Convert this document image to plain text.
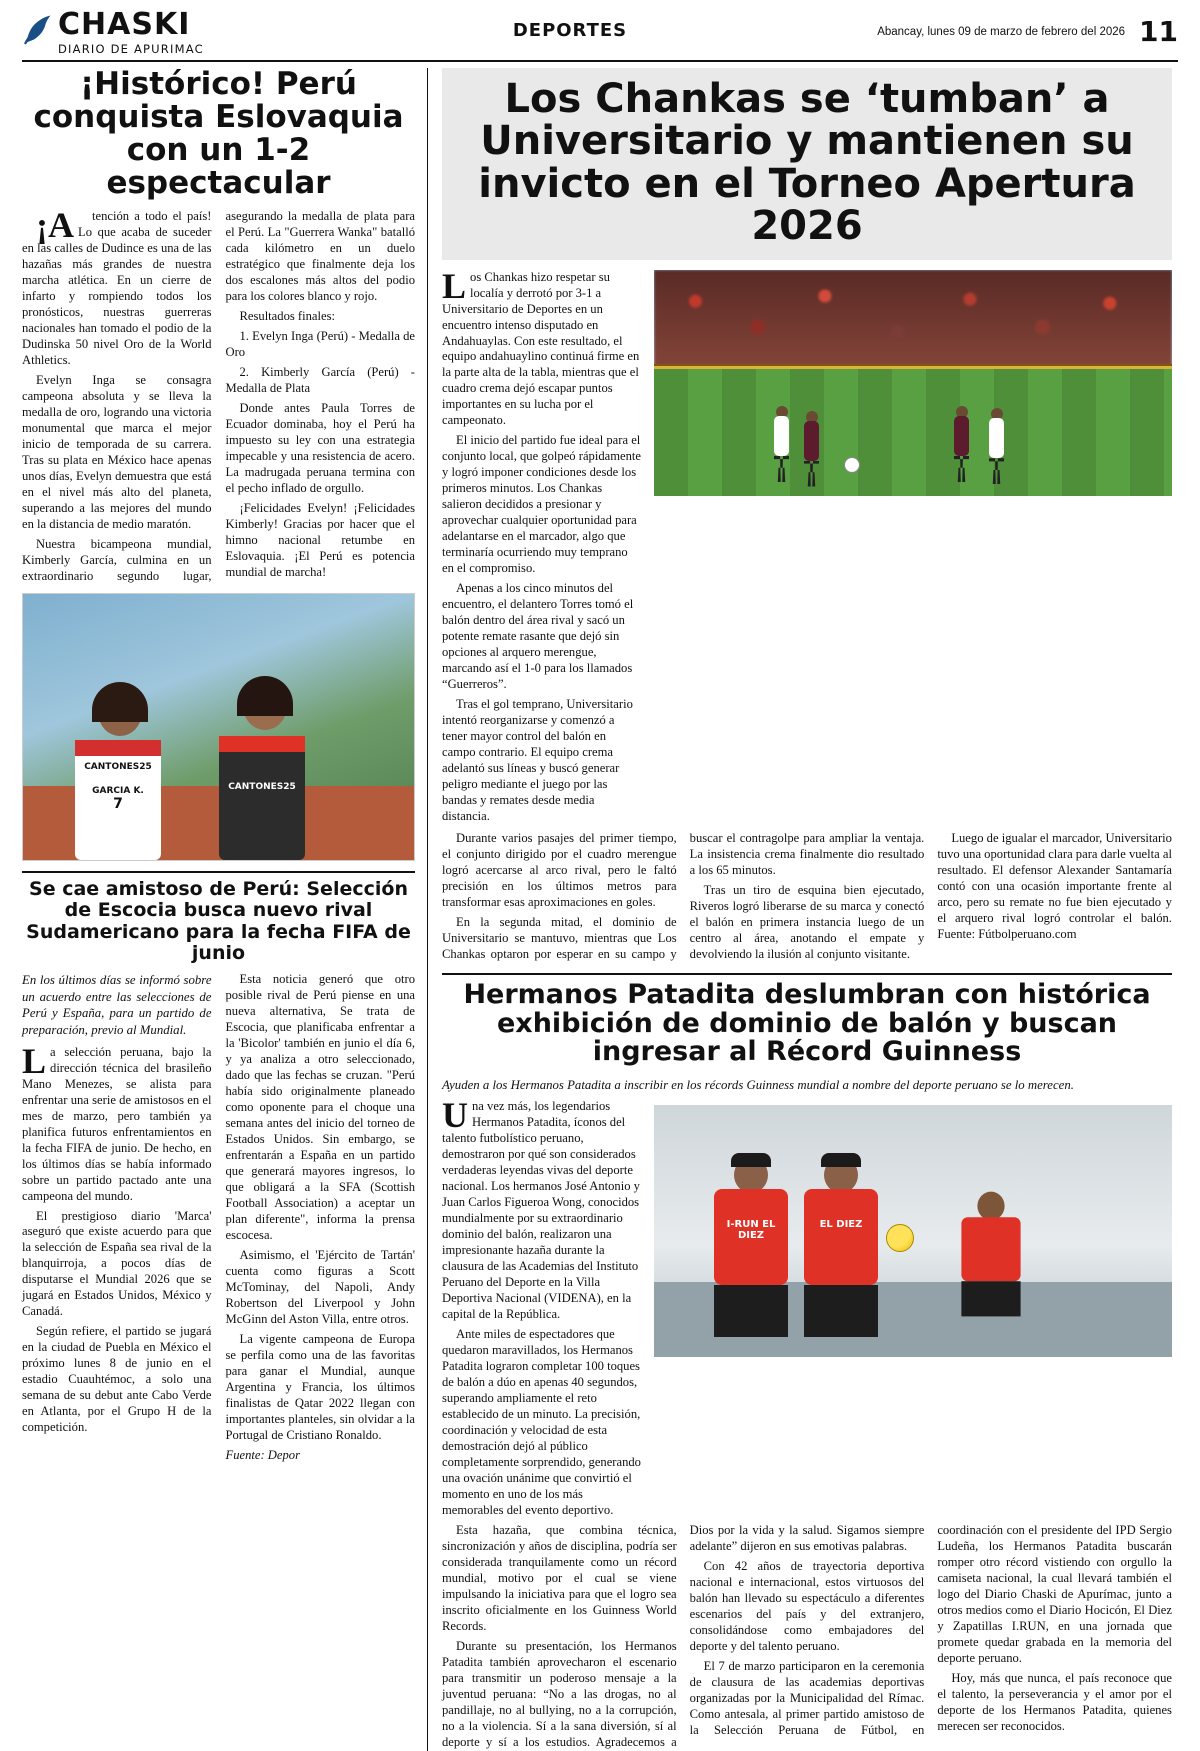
CHASKI
DIARIO DE APURIMAC
DEPORTES	Abancay, lunes 09 de marzo de febrero del 2026 11
¡Histórico! Perú conquista Eslovaquia con un 1-2 espectacular

¡Atención a todo el país! Lo que acaba de suceder en las calles de Dudince es una de las hazañas más grandes de nuestra marcha atlética. En un cierre de infarto y rompiendo todos los pronósticos, nuestras guerreras nacionales han tomado el podio de la Dudinska 50 nivel Oro de la World Athletics.

Evelyn Inga se consagra campeona absoluta y se lleva la medalla de oro, logrando una victoria monumental que marca el mejor inicio de temporada de su carrera. Tras su plata en México hace apenas unos días, Evelyn demuestra que está en el nivel más alto del planeta, superando a las mejores del mundo en la distancia de medio maratón.

Nuestra bicampeona mundial, Kimberly García, culmina en un extraordinario segundo lugar, asegurando la medalla de plata para el Perú. La "Guerrera Wanka" batalló cada kilómetro en un duelo estratégico que finalmente deja los dos escalones más altos del podio para los colores blanco y rojo.

Resultados finales:

1. Evelyn Inga (Perú) - Medalla de Oro

2. Kimberly García (Perú) - Medalla de Plata

Donde antes Paula Torres de Ecuador dominaba, hoy el Perú ha impuesto su ley con una estrategia impecable y una resistencia de acero. La madrugada peruana termina con el pecho inflado de orgullo.

¡Felicidades Evelyn! ¡Felicidades Kimberly! Gracias por hacer que el himno nacional retumbe en Eslovaquia. ¡El Perú es potencia mundial de marcha!

CANTONES25
GARCIA K.
7
CANTONES25
Se cae amistoso de Perú: Selección de Escocia busca nuevo rival Sudamericano para la fecha FIFA de junio

En los últimos días se informó sobre un acuerdo entre las selecciones de Perú y España, para un partido de preparación, previo al Mundial.

La selección peruana, bajo la dirección técnica del brasileño Mano Menezes, se alista para enfrentar una serie de amistosos en el mes de marzo, pero también ya planifica futuros enfrentamientos en la fecha FIFA de junio. De hecho, en los últimos días se había informado sobre un partido pactado ante una campeona del mundo.

El prestigioso diario 'Marca' aseguró que existe acuerdo para que la selección de España sea rival de la blanquirroja, a pocos días de disputarse el Mundial 2026 que se jugará en Estados Unidos, México y Canadá.

Según refiere, el partido se jugará en la ciudad de Puebla en México el próximo lunes 8 de junio en el estadio Cuauhtémoc, a solo una semana de su debut ante Cabo Verde en Atlanta, por el Grupo H de la competición.

Esta noticia generó que otro posible rival de Perú piense en una nueva alternativa, Se trata de Escocia, que planificaba enfrentar a la 'Bicolor' también en junio el día 6, y ya analiza a otro seleccionado, dado que las fechas se cruzan. "Perú había sido originalmente planeado como oponente para el choque una semana antes del inicio del torneo de Estados Unidos. Sin embargo, se enfrentarán a España en un partido que generará mayores ingresos, lo que obligará a la SFA (Scottish Football Association) a aceptar un plan diferente", informa la prensa escocesa.

Asimismo, el 'Ejército de Tartán' cuenta como figuras a Scott McTominay, del Napoli, Andy Robertson del Liverpool y John McGinn del Aston Villa, entre otros.

La vigente campeona de Europa se perfila como una de las favoritas para ganar el Mundial, aunque Argentina y Francia, los últimos finalistas de Qatar 2022 llegan con importantes planteles, sin olvidar a la Portugal de Cristiano Ronaldo.

Fuente: Depor

Los Chankas se ‘tumban’ a Universitario y mantienen su invicto en el Torneo Apertura 2026

Los Chankas hizo respetar su localía y derrotó por 3-1 a Universitario de Deportes en un encuentro intenso disputado en Andahuaylas. Con este resultado, el equipo andahuaylino continuá firme en la parte alta de la tabla, mientras que el cuadro crema dejó escapar puntos importantes en su lucha por el campeonato.

El inicio del partido fue ideal para el conjunto local, que golpeó rápidamente y logró imponer condiciones desde los primeros minutos. Los Chankas salieron decididos a presionar y aprovechar cualquier oportunidad para adelantarse en el marcador, algo que terminaría ocurriendo muy temprano en el compromiso.

Apenas a los cinco minutos del encuentro, el delantero Torres tomó el balón dentro del área rival y sacó un potente remate rasante que dejó sin opciones al arquero merengue, marcando así el 1-0 para los llamados “Guerreros”.

Tras el gol temprano, Universitario intentó reorganizarse y comenzó a tener mayor control del balón en campo contrario. El equipo crema adelantó sus líneas y buscó generar peligro mediante el juego por las bandas y remates desde media distancia.

Durante varios pasajes del primer tiempo, el conjunto dirigido por el cuadro merengue logró acercarse al arco rival, pero le faltó precisión en los últimos metros para transformar esas aproximaciones en goles.

En la segunda mitad, el dominio de Universitario se mantuvo, mientras que Los Chankas optaron por esperar en su campo y buscar el contragolpe para ampliar la ventaja. La insistencia crema finalmente dio resultado a los 65 minutos.

Tras un tiro de esquina bien ejecutado, Riveros logró liberarse de su marca y conectó el balón en primera instancia luego de un centro al área, anotando el empate y devolviendo la ilusión al conjunto visitante.

Luego de igualar el marcador, Universitario tuvo una oportunidad clara para darle vuelta al resultado. El defensor Alexander Santamaría contó con una ocasión importante frente al arco, pero su remate no fue bien ejecutado y el arquero rival logró controlar el balón. Fuente: Fútbolperuano.com

Hermanos Patadita deslumbran con histórica exhibición de dominio de balón y buscan ingresar al Récord Guinness

Ayuden a los Hermanos Patadita a inscribir en los récords Guinness mundial a nombre del deporte peruano se lo merecen.

Una vez más, los legendarios Hermanos Patadita, íconos del talento futbolístico peruano, demostraron por qué son considerados verdaderas leyendas vivas del deporte nacional. Los hermanos José Antonio y Juan Carlos Figueroa Wong, conocidos mundialmente por su extraordinario dominio del balón, realizaron una impresionante hazaña durante la clausura de las Academias del Instituto Peruano del Deporte en la Villa Deportiva Nacional (VIDENA), en la capital de la República.

Ante miles de espectadores que quedaron maravillados, los Hermanos Patadita lograron completar 100 toques de balón a dúo en apenas 40 segundos, superando ampliamente el reto establecido de un minuto. La precisión, coordinación y velocidad de esta demostración dejó al público completamente sorprendido, generando una ovación unánime que convirtió el momento en uno de los más memorables del evento deportivo.

I-RUN EL DIEZ
EL DIEZ

Esta hazaña, que combina técnica, sincronización y años de disciplina, podría ser considerada tranquilamente como un récord mundial, motivo por el cual se viene impulsando la iniciativa para que el logro sea inscrito oficialmente en los Guinness World Records.

Durante su presentación, los Hermanos Patadita también aprovecharon el escenario para transmitir un poderoso mensaje a la juventud peruana: “No a las drogas, no al pandillaje, no al bullying, no a la corrupción, no a la violencia. Sí a la sana diversión, sí al deporte y sí a los estudios. Agradecemos a Dios por la vida y la salud. Sigamos siempre adelante” dijeron en sus emotivas palabras.

Con 42 años de trayectoria deportiva nacional e internacional, estos virtuosos del balón han llevado su espectáculo a diferentes escenarios del país y del extranjero, consolidándose como embajadores del deporte y del talento peruano.

El 7 de marzo participaron en la ceremonia de clausura de las academias deportivas organizadas por la Municipalidad del Rímac. Como antesala, al primer partido amistoso de la Selección Peruana de Fútbol, en coordinación con el presidente del IPD Sergio Ludeña, los Hermanos Patadita buscarán romper otro récord vistiendo con orgullo la camiseta nacional, la cual llevará también el logo del Diario Chaski de Apurímac, junto a otros medios como el Diario Hocicón, El Diez y Zapatillas I.RUN, en una jornada que promete quedar grabada en la memoria del deporte peruano.

Hoy, más que nunca, el país reconoce que el talento, la perseverancia y el amor por el deporte de los Hermanos Patadita, quienes merecen ser reconocidos.
